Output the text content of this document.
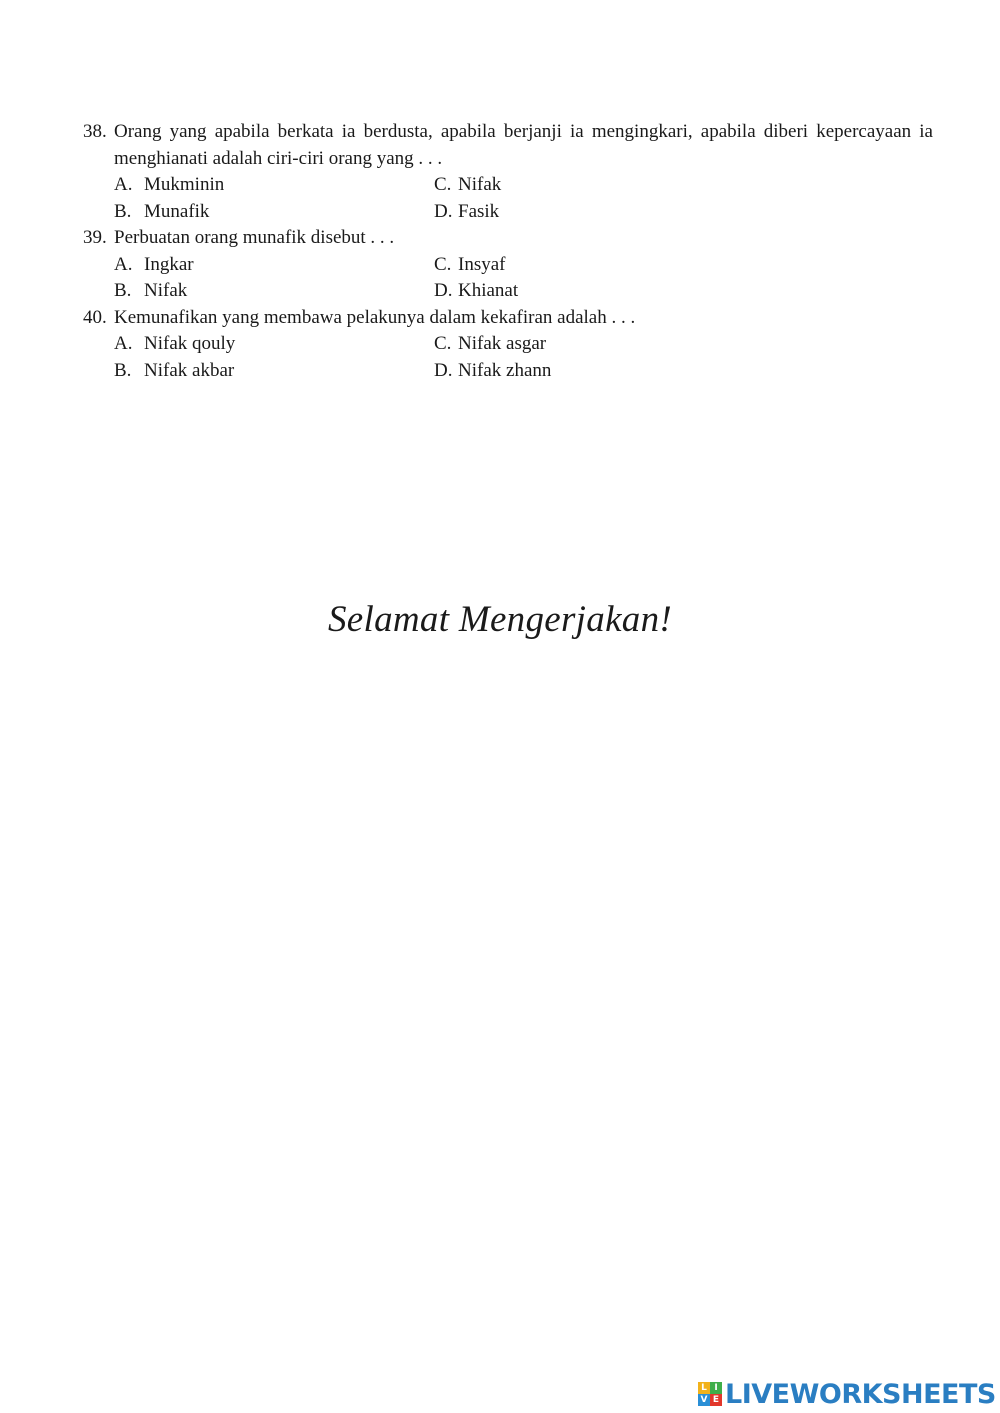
38. Orang yang apabila berkata ia berdusta, apabila berjanji ia mengingkari, apabila diberi kepercayaan ia menghianati adalah ciri-ciri orang yang . . .
A. Mukminin	C. Nifak
B. Munafik	D. Fasik
39. Perbuatan orang munafik disebut . . .
A. Ingkar	C. Insyaf
B. Nifak	D. Khianat
40. Kemunafikan yang membawa pelakunya dalam kekafiran adalah . . .
A. Nifak qouly	C. Nifak asgar
B. Nifak akbar	D. Nifak zhann
Selamat Mengerjakan!
L I
V E LIVEWORKSHEETS
